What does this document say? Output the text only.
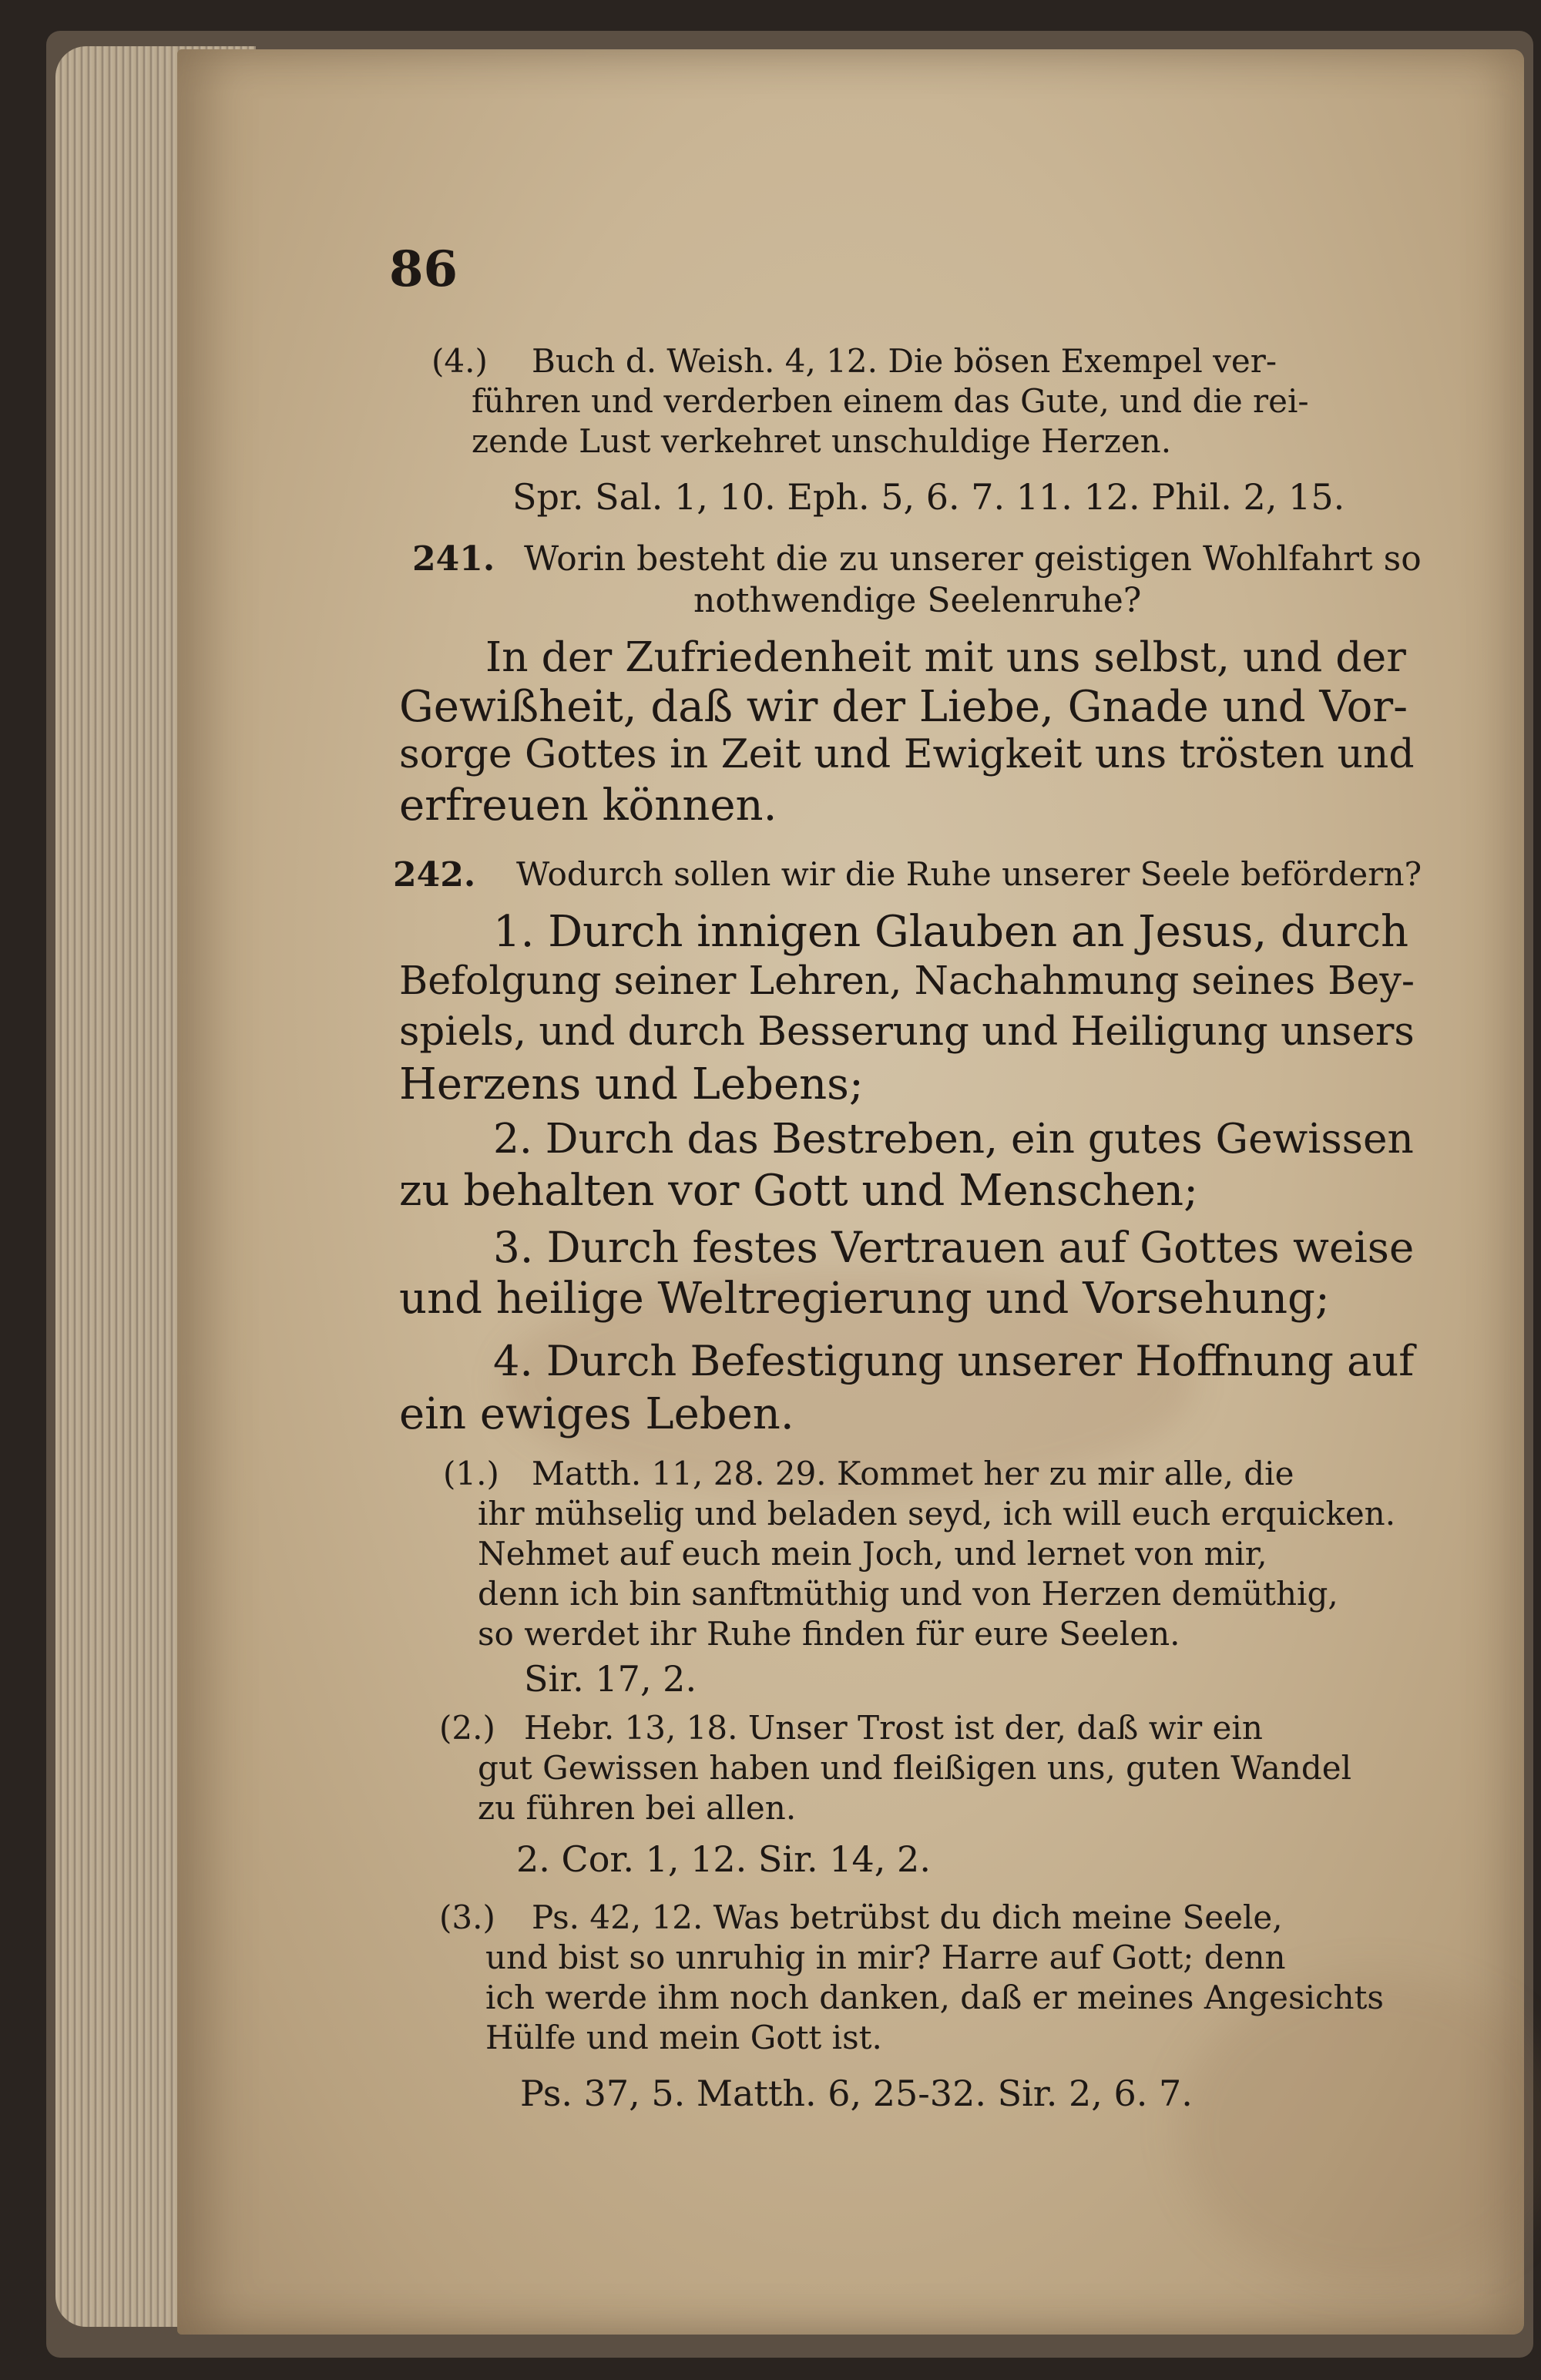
86
(4.) Buch d. Weish. 4, 12. Die bösen Exempel ver-
führen und verderben einem das Gute, und die rei-
zende Lust verkehret unschuldige Herzen.
Spr. Sal. 1, 10. Eph. 5, 6. 7. 11. 12. Phil. 2, 15.
241. Worin besteht die zu unserer geistigen Wohlfahrt so
nothwendige Seelenruhe?
In der Zufriedenheit mit uns selbst, und der
Gewißheit, daß wir der Liebe, Gnade und Vor-
sorge Gottes in Zeit und Ewigkeit uns trösten und
erfreuen können.
242. Wodurch sollen wir die Ruhe unserer Seele befördern?
1. Durch innigen Glauben an Jesus, durch
Befolgung seiner Lehren, Nachahmung seines Bey-
spiels, und durch Besserung und Heiligung unsers
Herzens und Lebens;
2. Durch das Bestreben, ein gutes Gewissen
zu behalten vor Gott und Menschen;
3. Durch festes Vertrauen auf Gottes weise
und heilige Weltregierung und Vorsehung;
4. Durch Befestigung unserer Hoffnung auf
ein ewiges Leben.
(1.) Matth. 11, 28. 29. Kommet her zu mir alle, die
ihr mühselig und beladen seyd, ich will euch erquicken.
Nehmet auf euch mein Joch, und lernet von mir,
denn ich bin sanftmüthig und von Herzen demüthig,
so werdet ihr Ruhe finden für eure Seelen.
Sir. 17, 2.
(2.) Hebr. 13, 18. Unser Trost ist der, daß wir ein
gut Gewissen haben und fleißigen uns, guten Wandel
zu führen bei allen.
2. Cor. 1, 12. Sir. 14, 2.
(3.) Ps. 42, 12. Was betrübst du dich meine Seele,
und bist so unruhig in mir? Harre auf Gott; denn
ich werde ihm noch danken, daß er meines Angesichts
Hülfe und mein Gott ist.
Ps. 37, 5. Matth. 6, 25-32. Sir. 2, 6. 7.
